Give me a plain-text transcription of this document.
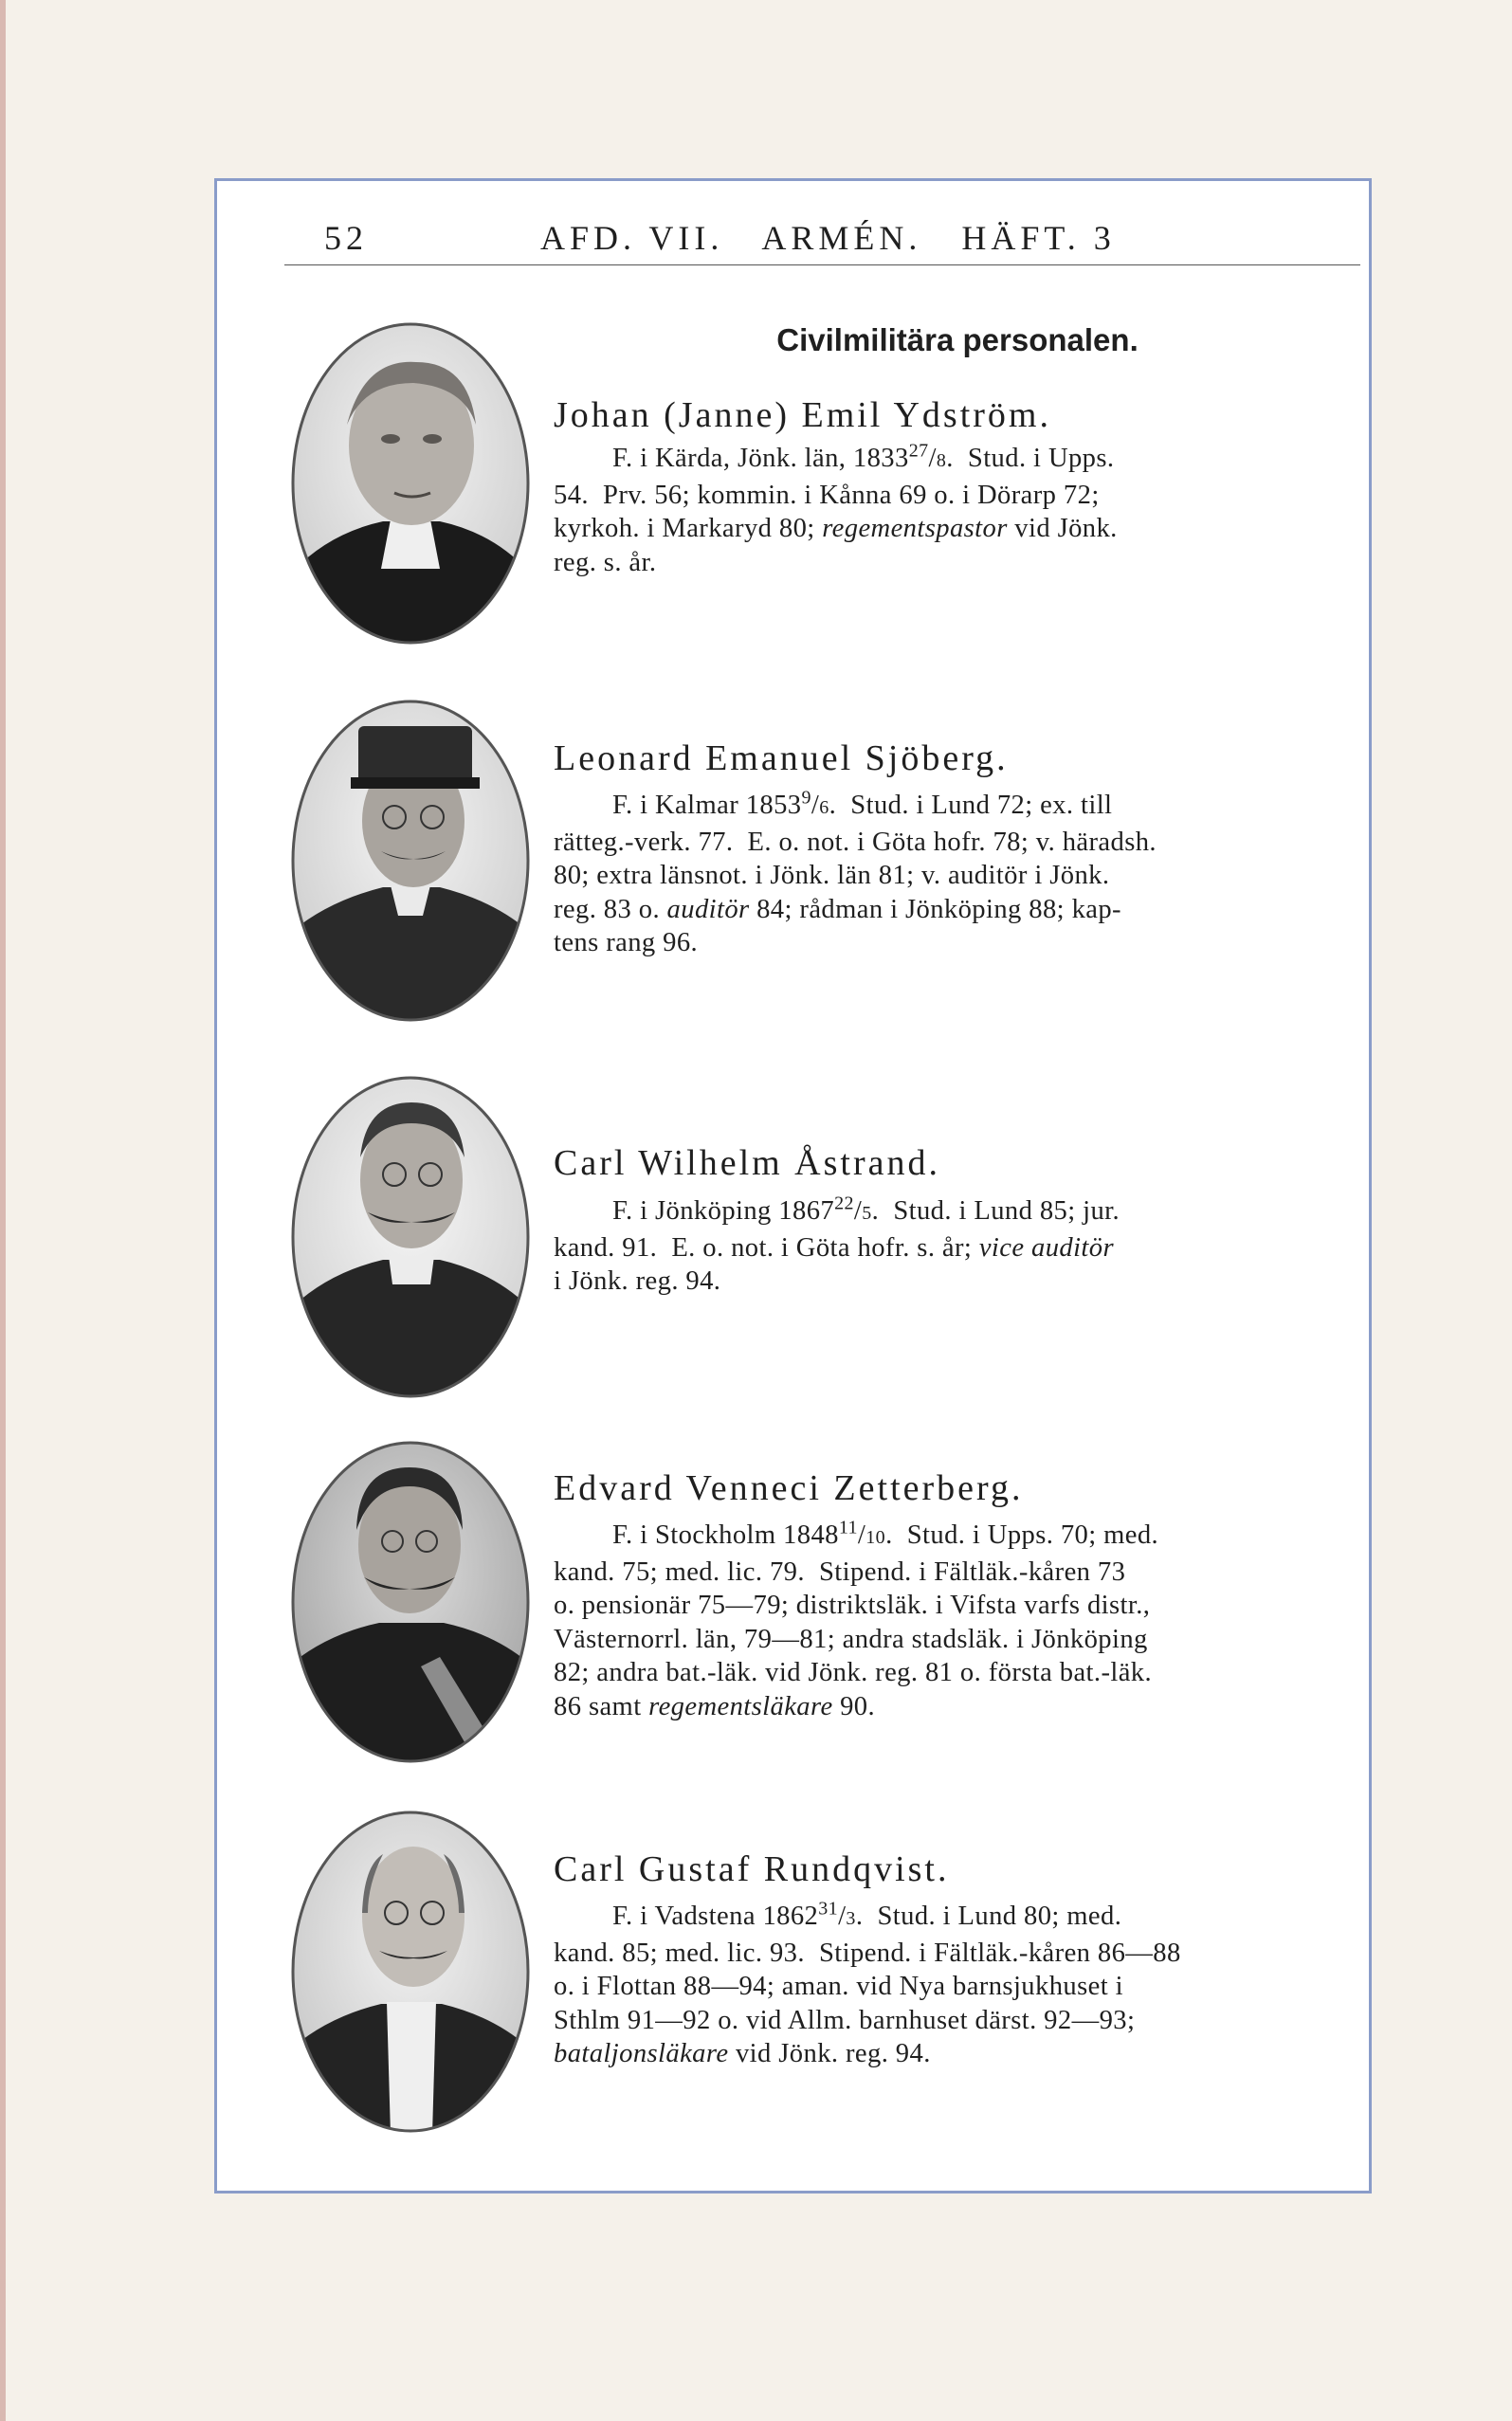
52	AFD. VII.   ARMÉN.   HÄFT. 3
Civilmilitära personalen.
Johan (Janne) Emil Ydström.
F. i Kärda, Jönk. län, 1833$^{27}$/8.  Stud. i Upps.
54.  Prv. 56; kommin. i Kånna 69 o. i Dörarp 72;
kyrkoh. i Markaryd 80; regementspastor vid Jönk.
reg. s. år.
Leonard Emanuel Sjöberg.
F. i Kalmar 1853$^9$/6.  Stud. i Lund 72; ex. till
rätteg.-verk. 77.  E. o. not. i Göta hofr. 78; v. häradsh.
80; extra länsnot. i Jönk. län 81; v. auditör i Jönk.
reg. 83 o. auditör 84; rådman i Jönköping 88; kap-
tens rang 96.
Carl Wilhelm Åstrand.
F. i Jönköping 1867$^{22}$/5.  Stud. i Lund 85; jur.
kand. 91.  E. o. not. i Göta hofr. s. år; vice auditör
i Jönk. reg. 94.
Edvard Venneci Zetterberg.
F. i Stockholm 1848$^{11}$/10.  Stud. i Upps. 70; med.
kand. 75; med. lic. 79.  Stipend. i Fältläk.-kåren 73
o. pensionär 75—79; distriktsläk. i Vifsta varfs distr.,
Västernorrl. län, 79—81; andra stadsläk. i Jönköping
82; andra bat.-läk. vid Jönk. reg. 81 o. första bat.-läk.
86 samt regementsläkare 90.
Carl Gustaf Rundqvist.
F. i Vadstena 1862$^{31}$/3.  Stud. i Lund 80; med.
kand. 85; med. lic. 93.  Stipend. i Fältläk.-kåren 86—88
o. i Flottan 88—94; aman. vid Nya barnsjukhuset i
Sthlm 91—92 o. vid Allm. barnhuset därst. 92—93;
bataljonsläkare vid Jönk. reg. 94.
